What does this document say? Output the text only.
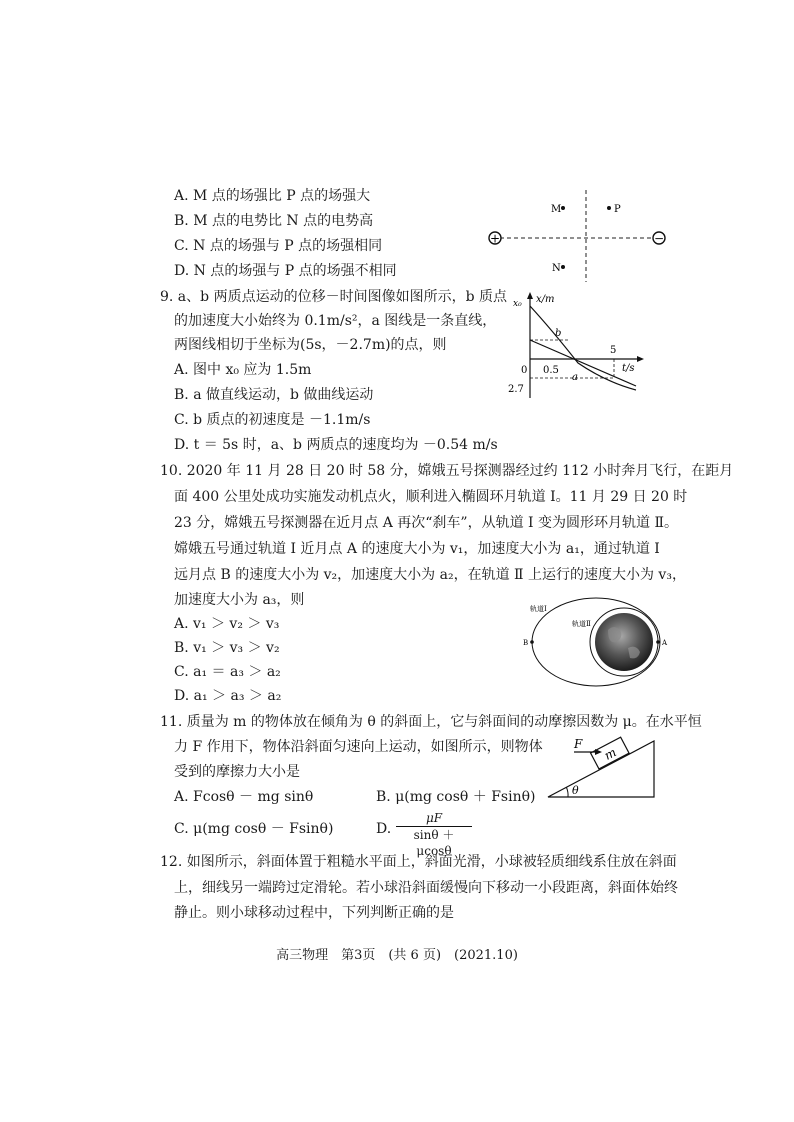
A. M 点的场强比 P 点的场强大
B. M 点的电势比 N 点的电势高
C. N 点的场强与 P 点的场强相同
D. N 点的场强与 P 点的场强不相同
+	−
M	P
N
9. a、b 两质点运动的位移－时间图像如图所示，b 质点
的加速度大小始终为 0.1m/s²，a 图线是一条直线，
两图线相切于坐标为(5s，－2.7m)的点，则
A. 图中 x₀ 应为 1.5m
B. a 做直线运动，b 做曲线运动
C. b 质点的初速度是 －1.1m/s
D. t ＝ 5s 时，a、b 两质点的速度均为 －0.54 m/s
x₀ x/m
b
a
5
0 0.5	t/s
2.7
10. 2020 年 11 月 28 日 20 时 58 分，嫦娥五号探测器经过约 112 小时奔月飞行，在距月
面 400 公里处成功实施发动机点火，顺利进入椭圆环月轨道 Ⅰ。11 月 29 日 20 时
23 分，嫦娥五号探测器在近月点 A 再次“刹车”，从轨道 Ⅰ 变为圆形环月轨道 Ⅱ。
嫦娥五号通过轨道 Ⅰ 近月点 A 的速度大小为 v₁，加速度大小为 a₁，通过轨道 Ⅰ
远月点 B 的速度大小为 v₂，加速度大小为 a₂，在轨道 Ⅱ 上运行的速度大小为 v₃，
加速度大小为 a₃，则
A. v₁ ＞ v₂ ＞ v₃
B. v₁ ＞ v₃ ＞ v₂
C. a₁ ＝ a₃ ＞ a₂
D. a₁ ＞ a₃ ＞ a₂
B	A
轨道Ⅰ
轨道Ⅱ
11. 质量为 m 的物体放在倾角为 θ 的斜面上，它与斜面间的动摩擦因数为 μ。在水平恒
力 F 作用下，物体沿斜面匀速向上运动，如图所示，则物体
受到的摩擦力大小是
A. Fcosθ － mg sinθ	B. μ(mg cosθ ＋ Fsinθ)
C. μ(mg cosθ － Fsinθ)	D. $\frac{\mu F}{\sin\theta + \mu\cos\theta}$
m
F
θ
12. 如图所示，斜面体置于粗糙水平面上，斜面光滑，小球被轻质细线系住放在斜面
上，细线另一端跨过定滑轮。若小球沿斜面缓慢向下移动一小段距离，斜面体始终
静止。则小球移动过程中，下列判断正确的是
高三物理　第3页　(共 6 页)　(2021.10)
